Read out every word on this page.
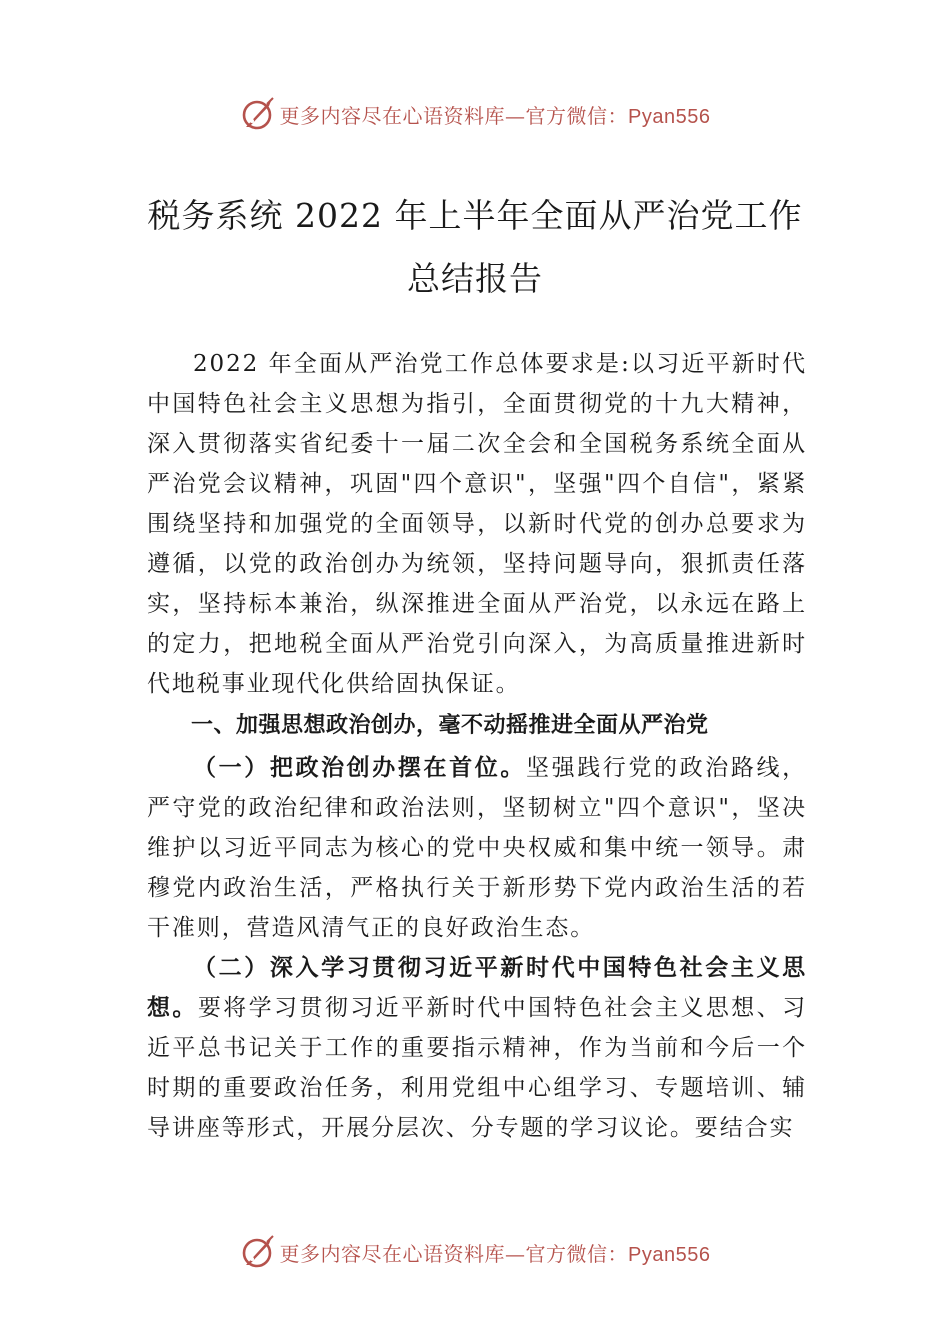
更多内容尽在心语资料库—官方微信：Pyan556
税务系统 2022 年上半年全面从严治党工作
总结报告

2022 年全面从严治党工作总体要求是:以习近平新时代中国特色社会主义思想为指引，全面贯彻党的十九大精神，深入贯彻落实省纪委十一届二次全会和全国税务系统全面从严治党会议精神，巩固"四个意识"，坚强"四个自信"，紧紧围绕坚持和加强党的全面领导，以新时代党的创办总要求为遵循，以党的政治创办为统领，坚持问题导向，狠抓责任落实，坚持标本兼治，纵深推进全面从严治党，以永远在路上的定力，把地税全面从严治党引向深入，为高质量推进新时代地税事业现代化供给固执保证。

一、加强思想政治创办，毫不动摇推进全面从严治党

（一）把政治创办摆在首位。坚强践行党的政治路线，严守党的政治纪律和政治法则，坚韧树立"四个意识"，坚决维护以习近平同志为核心的党中央权威和集中统一领导。肃穆党内政治生活，严格执行关于新形势下党内政治生活的若干准则，营造风清气正的良好政治生态。

（二）深入学习贯彻习近平新时代中国特色社会主义思想。要将学习贯彻习近平新时代中国特色社会主义思想、习近平总书记关于工作的重要指示精神，作为当前和今后一个时期的重要政治任务，利用党组中心组学习、专题培训、辅导讲座等形式，开展分层次、分专题的学习议论。要结合实

更多内容尽在心语资料库—官方微信：Pyan556
